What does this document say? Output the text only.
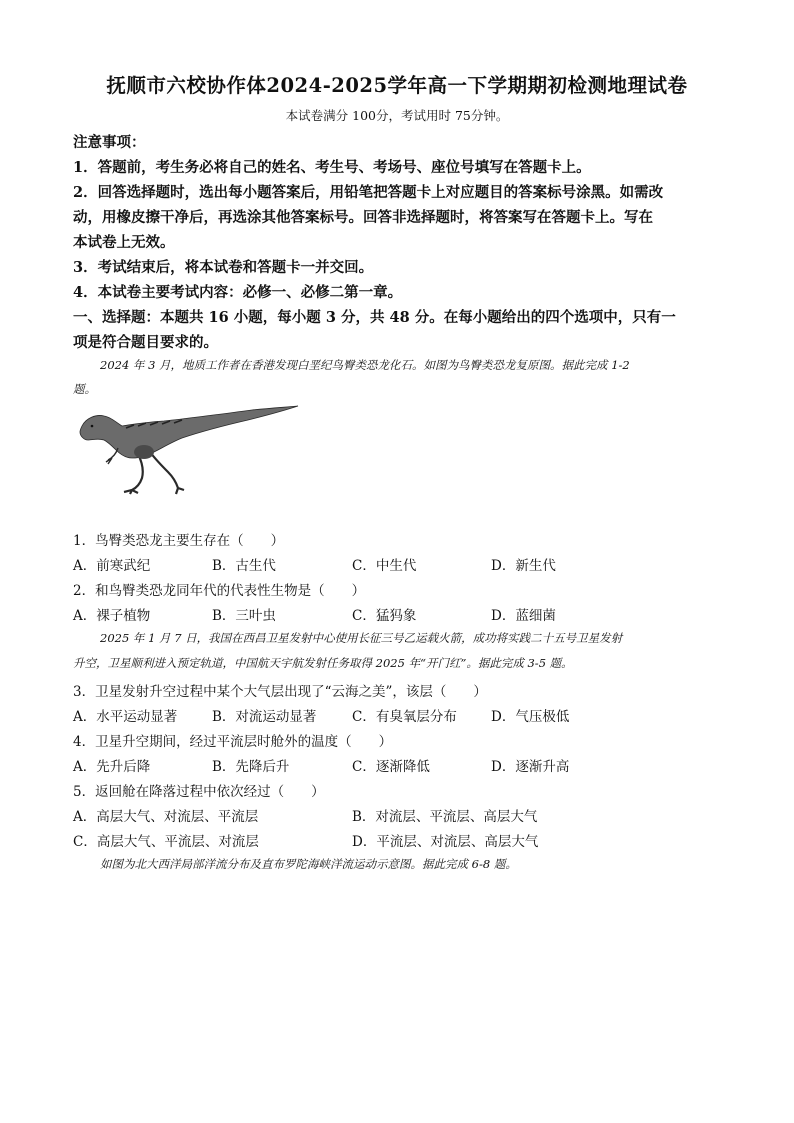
抚顺市六校协作体2024-2025学年高一下学期期初检测地理试卷
本试卷满分 100分，考试用时 75分钟。
注意事项：
1．答题前，考生务必将自己的姓名、考生号、考场号、座位号填写在答题卡上。
2．回答选择题时，选出每小题答案后，用铅笔把答题卡上对应题目的答案标号涂黑。如需改
动，用橡皮擦干净后，再选涂其他答案标号。回答非选择题时，将答案写在答题卡上。写在
本试卷上无效。
3．考试结束后，将本试卷和答题卡一并交回。
4．本试卷主要考试内容：必修一、必修二第一章。
一、选择题：本题共 16 小题，每小题 3 分，共 48 分。在每小题给出的四个选项中，只有一
项是符合题目要求的。
2024 年 3 月，地质工作者在香港发现白垩纪鸟臀类恐龙化石。如图为鸟臀类恐龙复原图。据此完成 1-2
题。
1．鸟臀类恐龙主要生存在（　　）
A．前寒武纪	B．古生代	C．中生代	D．新生代
2．和鸟臀类恐龙同年代的代表性生物是（　　）
A．裸子植物	B．三叶虫	C．猛犸象	D．蓝细菌
2025 年 1 月 7 日，我国在西昌卫星发射中心使用长征三号乙运载火箭，成功将实践二十五号卫星发射
升空，卫星顺利进入预定轨道，中国航天宇航发射任务取得 2025 年“开门红”。据此完成 3-5 题。
3．卫星发射升空过程中某个大气层出现了“云海之美”，该层（　　）
A．水平运动显著	B．对流运动显著	C．有臭氧层分布	D．气压极低
4．卫星升空期间，经过平流层时舱外的温度（　　）
A．先升后降	B．先降后升	C．逐渐降低	D．逐渐升高
5．返回舱在降落过程中依次经过（　　）
A．高层大气、对流层、平流层	B．对流层、平流层、高层大气
C．高层大气、平流层、对流层	D．平流层、对流层、高层大气
如图为北大西洋局部洋流分布及直布罗陀海峡洋流运动示意图。据此完成 6-8 题。
